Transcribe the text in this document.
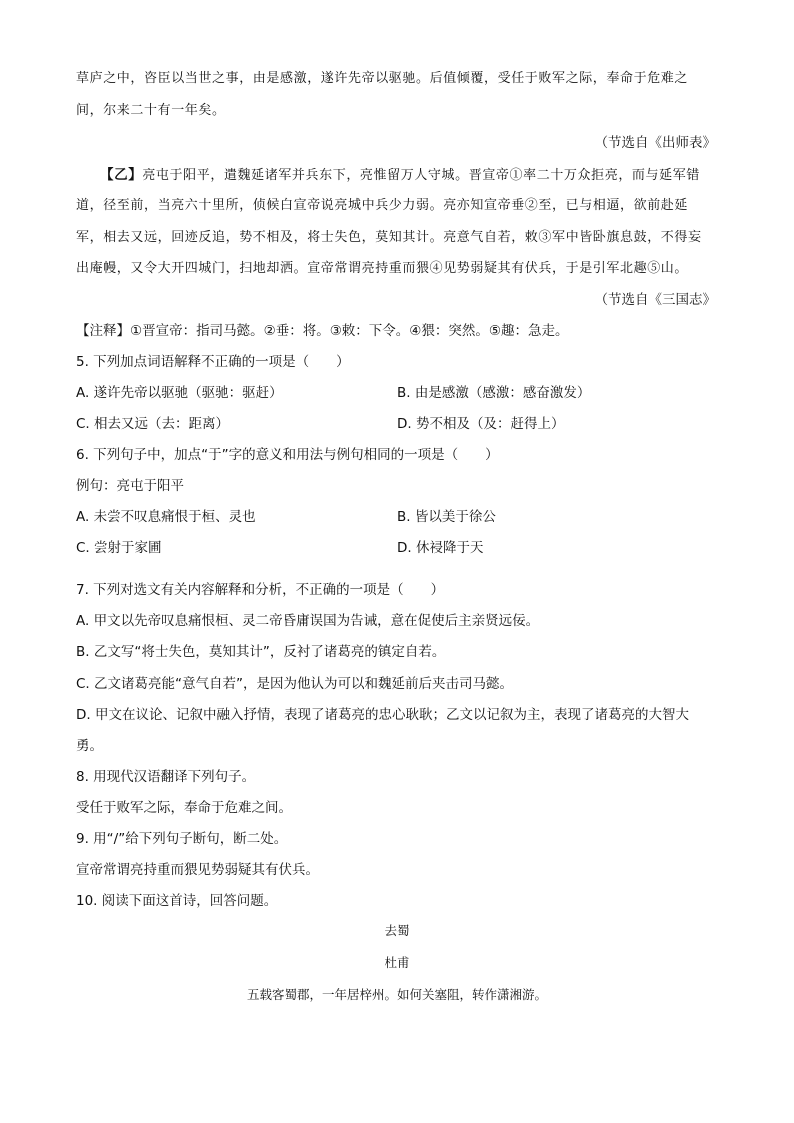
草庐之中，咨臣以当世之事，由是感激，遂许先帝以驱驰。后值倾覆，受任于败军之际，奉命于危难之
间，尔来二十有一年矣。
（节选自《出师表》
【乙】亮屯于阳平，遣魏延诸军并兵东下，亮惟留万人守城。晋宣帝①率二十万众拒亮，而与延军错
道，径至前，当亮六十里所，侦候白宣帝说亮城中兵少力弱。亮亦知宣帝垂②至，已与相逼，欲前赴延
军，相去又远，回迹反追，势不相及，将士失色，莫知其计。亮意气自若，敕③军中皆卧旗息鼓，不得妄
出庵幔，又令大开四城门，扫地却洒。宣帝常谓亮持重而猥④见势弱疑其有伏兵，于是引军北趣⑤山。
（节选自《三国志》
【注释】①晋宣帝：指司马懿。②垂：将。③敕：下令。④猥：突然。⑤趣：急走。
5. 下列加点词语解释不正确的一项是（　　）
A. 遂许先帝以驱驰（驱驰：驱赶）	B. 由是感激（感激：感奋激发）
C. 相去又远（去：距离）	D. 势不相及（及：赶得上）
6. 下列句子中，加点“于”字的意义和用法与例句相同的一项是（　　）
例句：亮屯于阳平
A. 未尝不叹息痛恨于桓、灵也	B. 皆以美于徐公
C. 尝射于家圃	D. 休祲降于天
7. 下列对选文有关内容解释和分析，不正确的一项是（　　）
A. 甲文以先帝叹息痛恨桓、灵二帝昏庸误国为告诫，意在促使后主亲贤远佞。
B. 乙文写“将士失色，莫知其计”，反衬了诸葛亮的镇定自若。
C. 乙文诸葛亮能“意气自若”，是因为他认为可以和魏延前后夹击司马懿。
D. 甲文在议论、记叙中融入抒情，表现了诸葛亮的忠心耿耿；乙文以记叙为主，表现了诸葛亮的大智大
勇。
8. 用现代汉语翻译下列句子。
受任于败军之际，奉命于危难之间。
9. 用“/”给下列句子断句，断二处。
宣帝常谓亮持重而猥见势弱疑其有伏兵。
10. 阅读下面这首诗，回答问题。
去蜀
杜甫
五载客蜀郡，一年居梓州。如何关塞阻，转作潇湘游。
